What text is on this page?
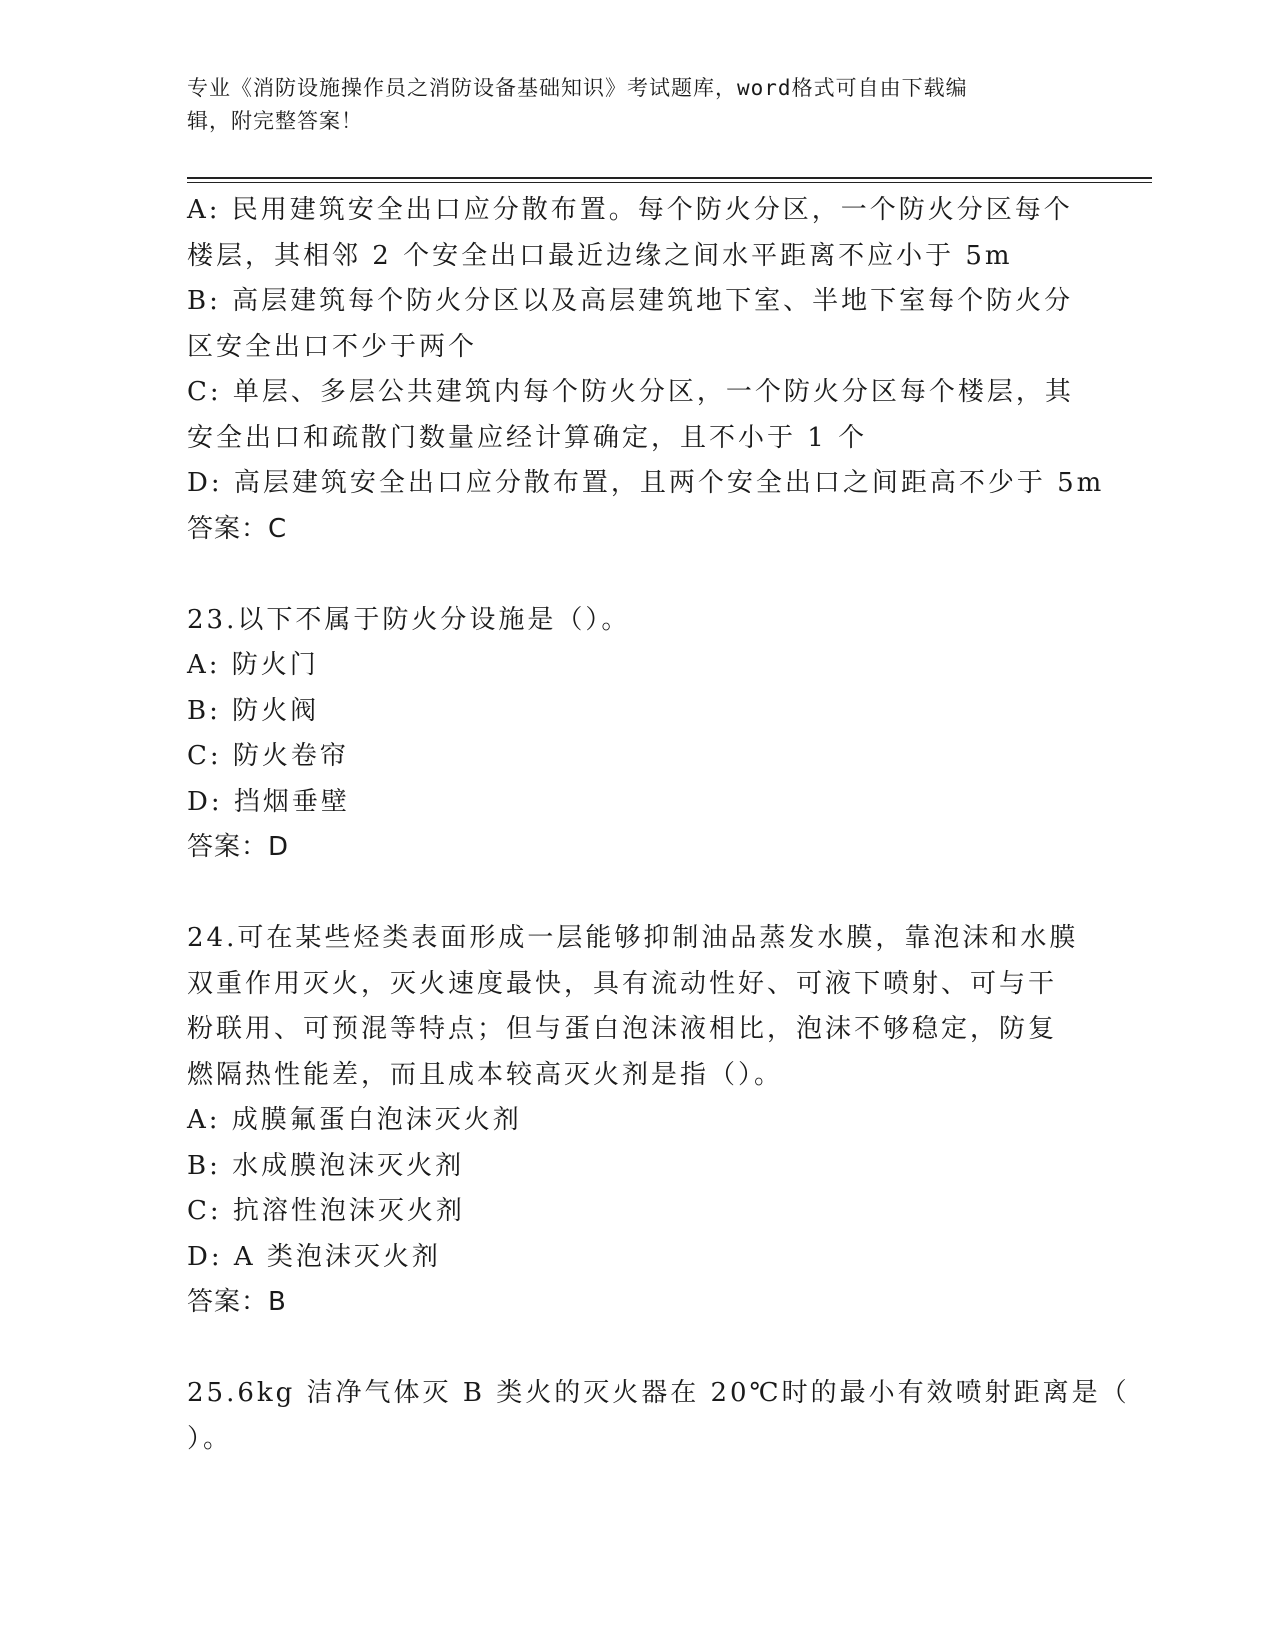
专业《消防设施操作员之消防设备基础知识》考试题库，word格式可自由下载编
辑，附完整答案！
A: 民用建筑安全出口应分散布置。每个防火分区，一个防火分区每个
楼层，其相邻 2 个安全出口最近边缘之间水平距离不应小于 5m
B: 高层建筑每个防火分区以及高层建筑地下室、半地下室每个防火分
区安全出口不少于两个
C: 单层、多层公共建筑内每个防火分区，一个防火分区每个楼层，其
安全出口和疏散门数量应经计算确定，且不小于 1 个
D: 高层建筑安全出口应分散布置，且两个安全出口之间距高不少于 5m
答案：C
23.以下不属于防火分设施是（）。
A: 防火门
B: 防火阀
C: 防火卷帘
D: 挡烟垂壁
答案：D
24.可在某些烃类表面形成一层能够抑制油品蒸发水膜，靠泡沫和水膜
双重作用灭火，灭火速度最快，具有流动性好、可液下喷射、可与干
粉联用、可预混等特点；但与蛋白泡沫液相比，泡沫不够稳定，防复
燃隔热性能差，而且成本较高灭火剂是指（）。
A: 成膜氟蛋白泡沫灭火剂
B: 水成膜泡沫灭火剂
C: 抗溶性泡沫灭火剂
D: A 类泡沫灭火剂
答案：B
25.6kg 洁净气体灭 B 类火的灭火器在 20℃时的最小有效喷射距离是（
）。
